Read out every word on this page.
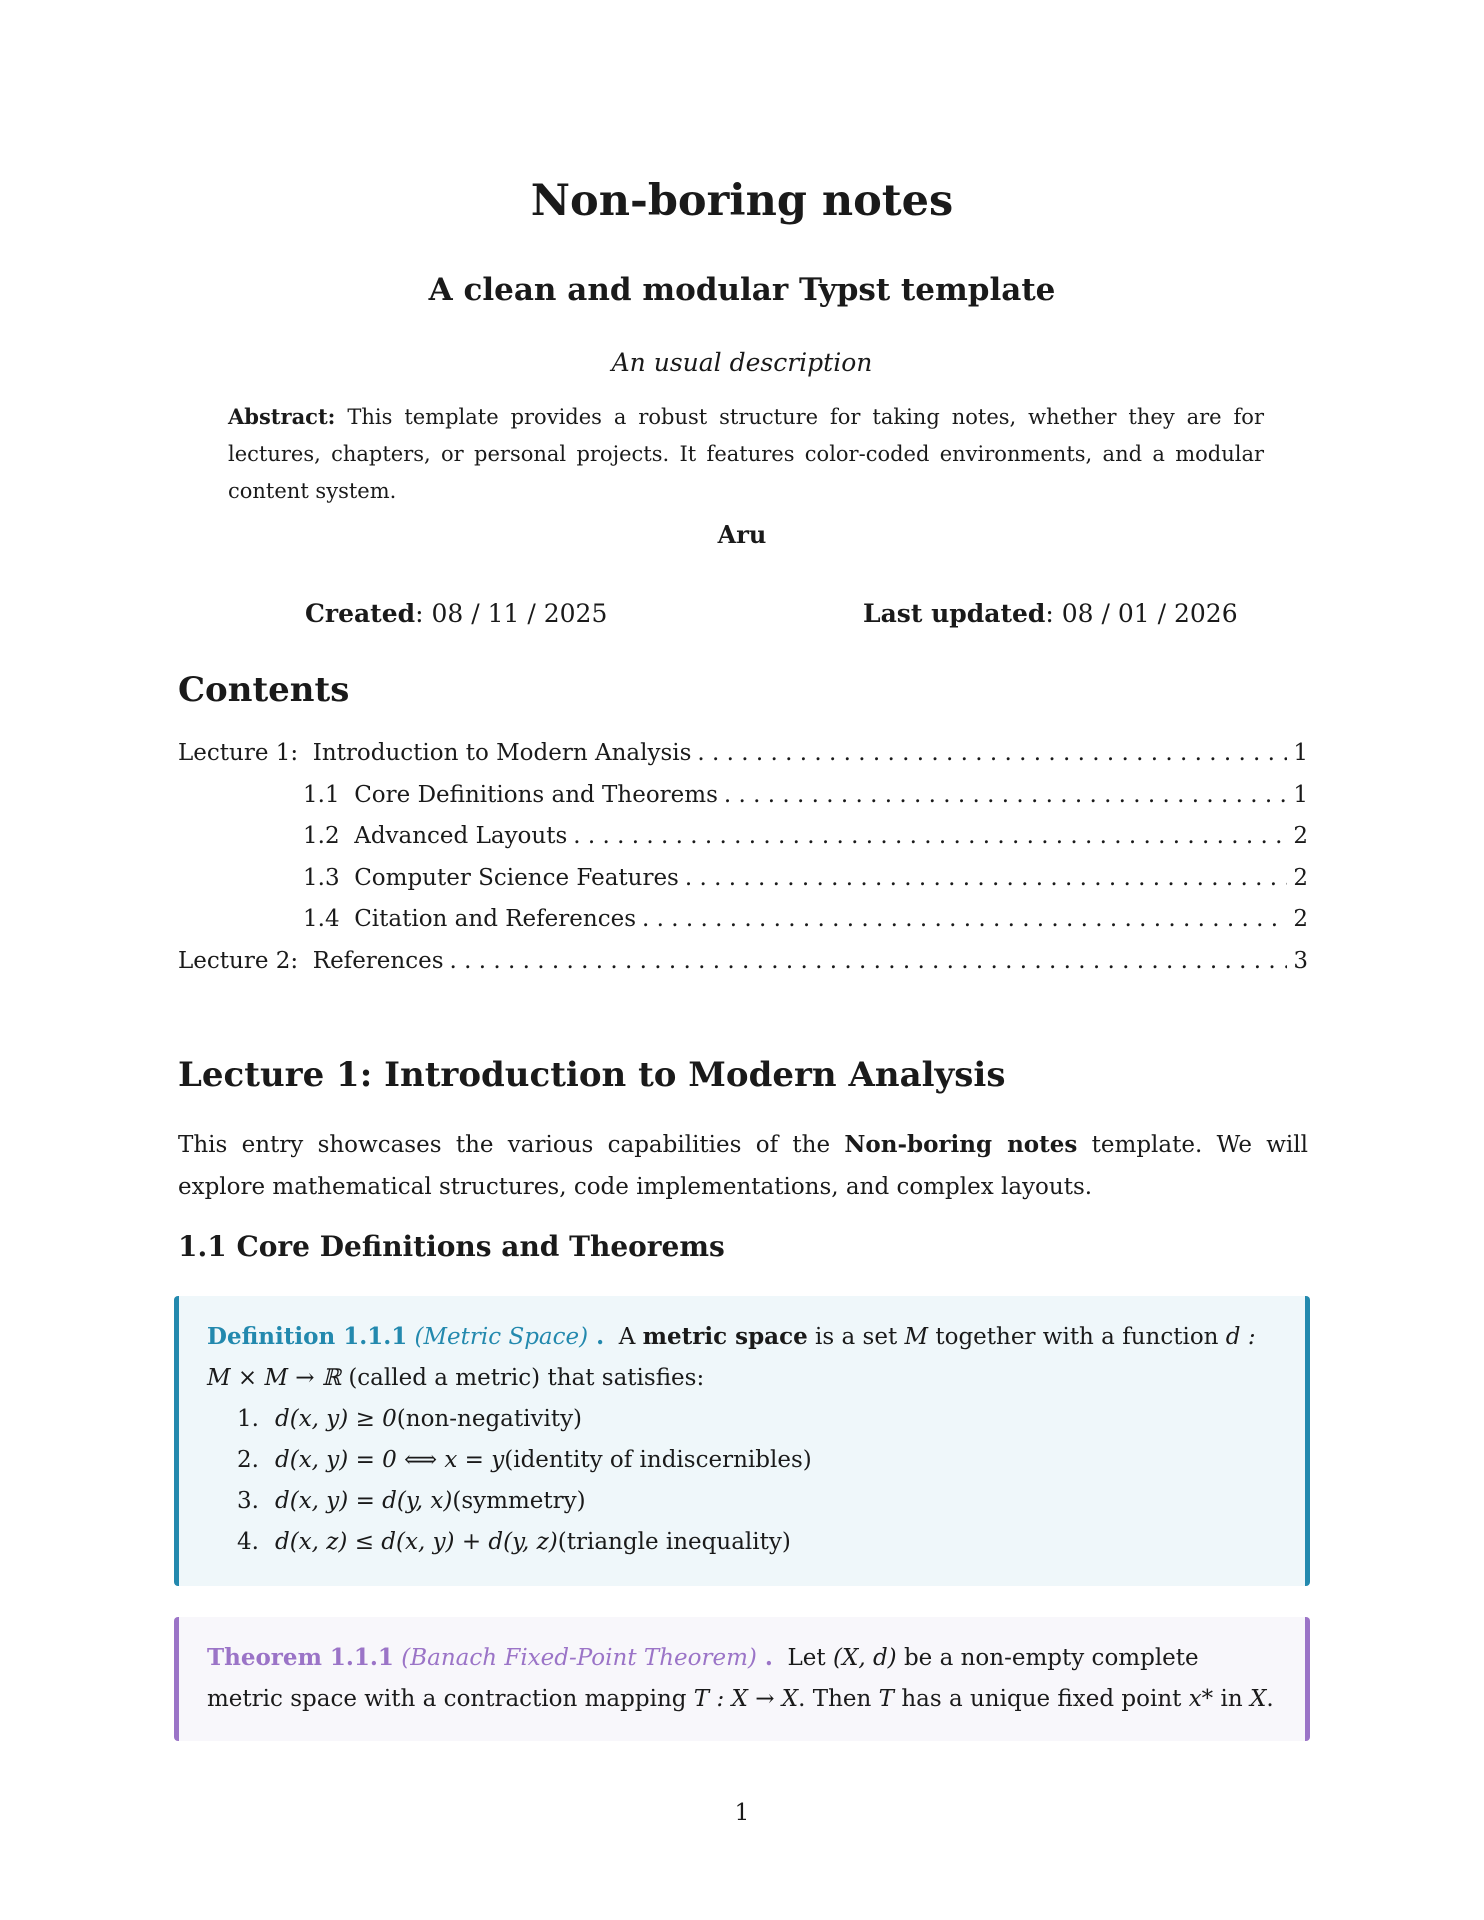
Non-boring notes
A clean and modular Typst template
An usual description
Abstract: This template provides a robust structure for taking notes, whether they are for lectures, chapters, or personal projects. It features color-coded environments, and a modular content system.
Aru
Created: 08 / 11 / 2025	Last updated: 08 / 01 / 2026
Contents
Lecture 1: Introduction to Modern Analysis . . .	1
1.1 Core Definitions and Theorems . . .	1
1.2 Advanced Layouts . . .	2
1.3 Computer Science Features . . .	2
1.4 Citation and References . . .	2
Lecture 2: References . . .	3
Lecture 1: Introduction to Modern Analysis

This entry showcases the various capabilities of the Non-boring notes template. We will explore mathematical structures, code implementations, and complex layouts.

1.1 Core Definitions and Theorems
Definition 1.1.1 (Metric Space) . A metric space is a set M together with a function d : M × M → ℝ (called a metric) that satisfies:
1. d(x, y) ≥ 0 (non-negativity)
2. d(x, y) = 0 ⟺ x = y (identity of indiscernibles)
3. d(x, y) = d(y, x) (symmetry)
4. d(x, z) ≤ d(x, y) + d(y, z) (triangle inequality)
Theorem 1.1.1 (Banach Fixed-Point Theorem) . Let (X, d) be a non-empty complete metric space with a contraction mapping T : X → X. Then T has a unique fixed point x* in X.
1
